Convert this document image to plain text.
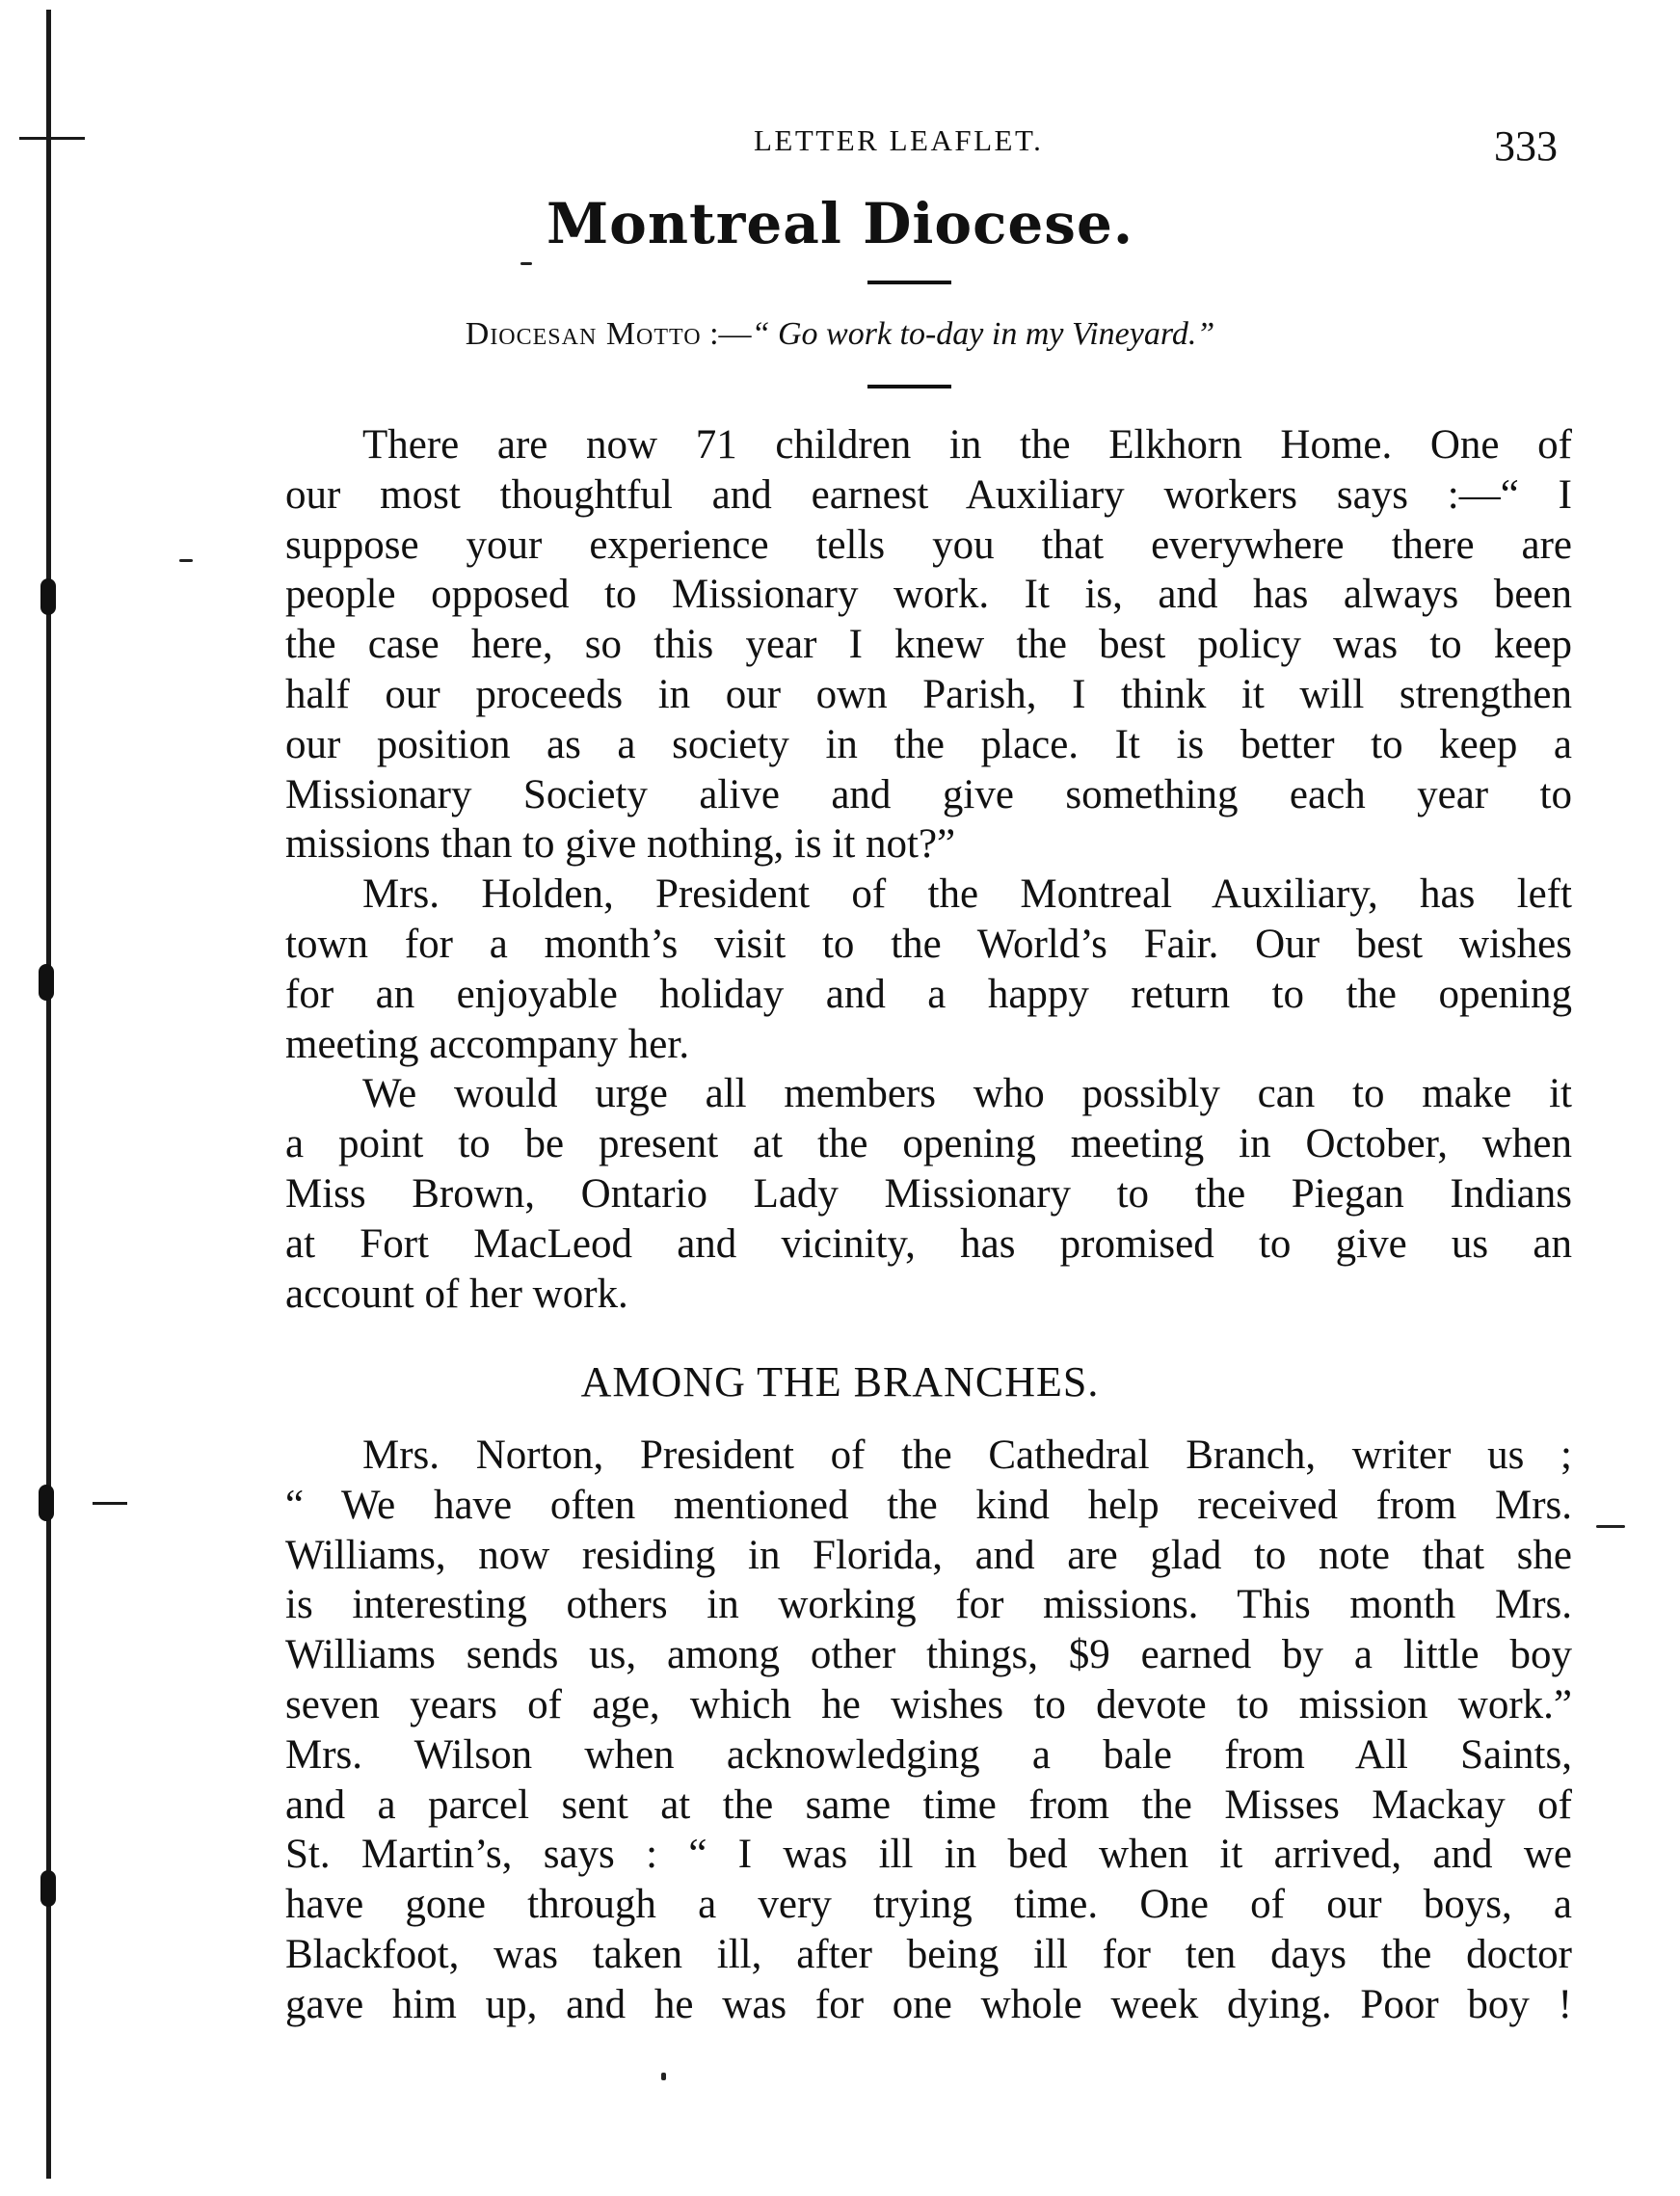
LETTER LEAFLET.	333
Montreal Diocese.
Diocesan Motto :—“ Go work to-day in my Vineyard.”
There are now 71 children in the Elkhorn Home. One of
our most thoughtful and earnest Auxiliary workers says :—“ I
suppose your experience tells you that everywhere there are
people opposed to Missionary work. It is, and has always been
the case here, so this year I knew the best policy was to keep
half our proceeds in our own Parish, I think it will strengthen
our position as a society in the place. It is better to keep a
Missionary Society alive and give something each year to
missions than to give nothing, is it not?”
Mrs. Holden, President of the Montreal Auxiliary, has left
town for a month’s visit to the World’s Fair. Our best wishes
for an enjoyable holiday and a happy return to the opening
meeting accompany her.
We would urge all members who possibly can to make it
a point to be present at the opening meeting in October, when
Miss Brown, Ontario Lady Missionary to the Piegan Indians
at Fort MacLeod and vicinity, has promised to give us an
account of her work.
AMONG THE BRANCHES.
Mrs. Norton, President of the Cathedral Branch, writer us ;
“ We have often mentioned the kind help received from Mrs.
Williams, now residing in Florida, and are glad to note that she
is interesting others in working for missions. This month Mrs.
Williams sends us, among other things, $9 earned by a little boy
seven years of age, which he wishes to devote to mission work.”
Mrs. Wilson when acknowledging a bale from All Saints,
and a parcel sent at the same time from the Misses Mackay of
St. Martin’s, says : “ I was ill in bed when it arrived, and we
have gone through a very trying time. One of our boys, a
Blackfoot, was taken ill, after being ill for ten days the doctor
gave him up, and he was for one whole week dying. Poor boy !
